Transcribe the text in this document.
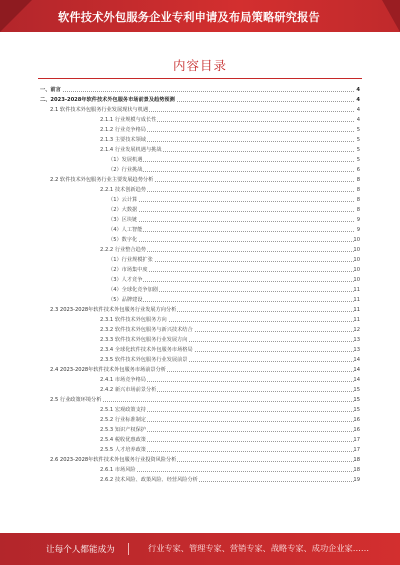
软件技术外包服务企业专利申请及布局策略研究报告
内容目录
一、前言	4
二、2023-2028年软件技术外包服务市场前景及趋势预测	4
2.1 软件技术外包服务行业发展现状与机遇	4
2.1.1 行业规模与成长性	4
2.1.2 行业竞争格局	5
2.1.3 主要技术领域	5
2.1.4 行业发展机遇与挑战	5
（1）发展机遇	5
（2）行业挑战	6
2.2 软件技术外包服务行业主要发展趋势分析	8
2.2.1 技术创新趋势	8
（1）云计算	8
（2）大数据	8
（3）区块链	9
（4）人工智能	9
（5）数字化	10
2.2.2 行业整合趋势	10
（1）行业规模扩张	10
（2）市场集中度	10
（3）人才竞争	10
（4）全球化竞争加剧	11
（5）品牌建设	11
2.3 2023-2028年软件技术外包服务行业发展方向分析	11
2.3.1 软件技术外包服务方向	11
2.3.2 软件技术外包服务与新兴技术结合	12
2.3.3 软件技术外包服务行业发展方向	13
2.3.4 全球化软件技术外包服务市场格局	13
2.3.5 软件技术外包服务行业发展前景	14
2.4 2023-2028年软件技术外包服务市场前景分析	14
2.4.1 市场竞争格局	14
2.4.2 新兴市场前景分析	15
2.5 行业政策环境分析	15
2.5.1 宏观政策支持	15
2.5.2 行业标准制定	16
2.5.3 知识产权保护	16
2.5.4 税收优惠政策	17
2.5.5 人才培养政策	17
2.6 2023-2028年软件技术外包服务行业投资风险分析	18
2.6.1 市场风险	18
2.6.2 技术风险、政策风险、经营风险分析	19
让每个人都能成为	行业专家、管理专家、营销专家、战略专家、成功企业家……
